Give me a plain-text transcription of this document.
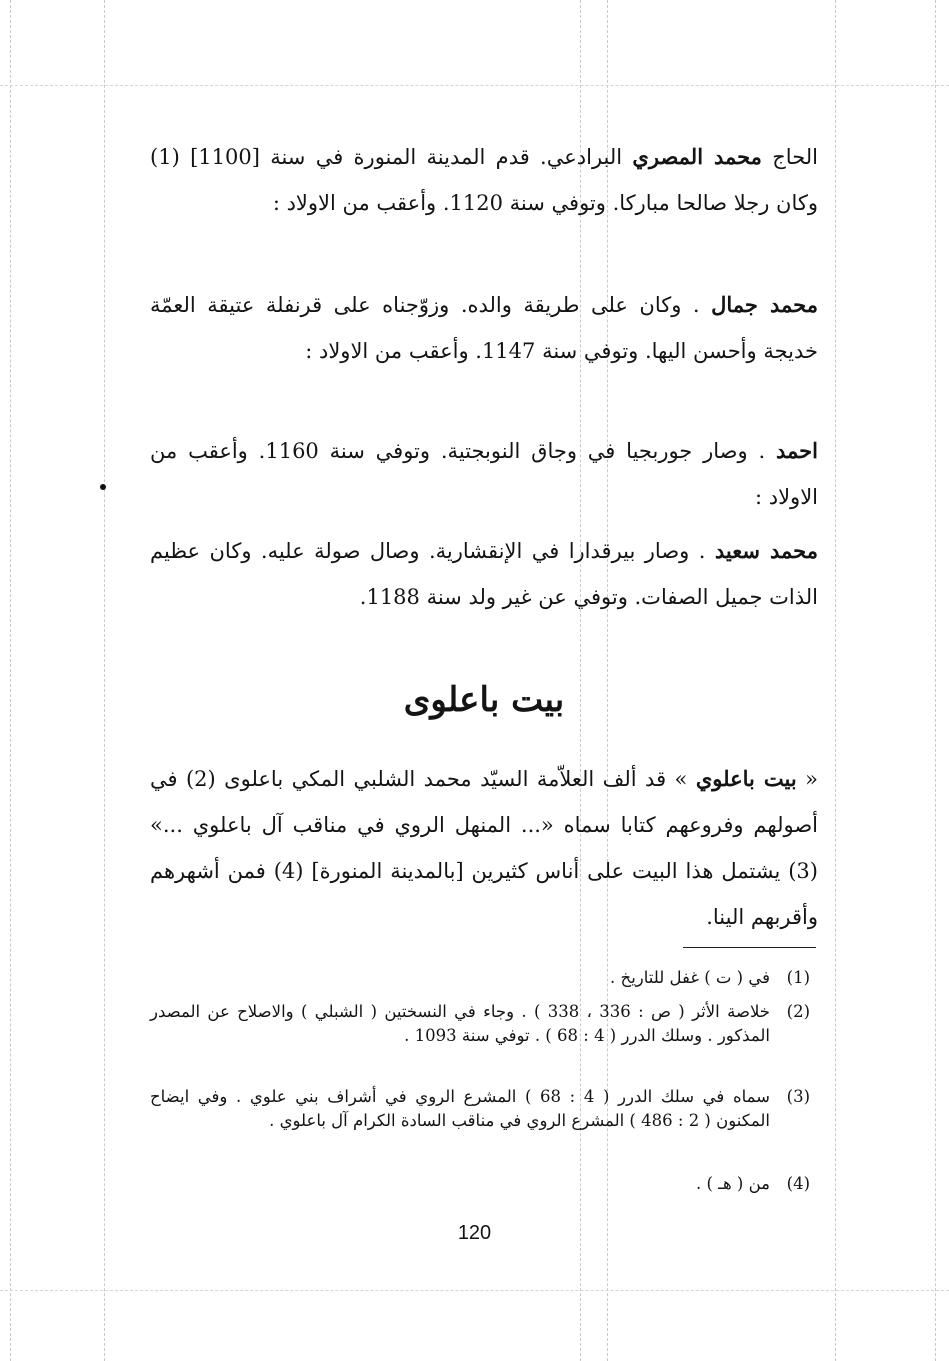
الحاج محمد المصري البرادعي. قدم المدينة المنورة في سنة [1100] (1) وكان رجلا صالحا مباركا. وتوفي سنة 1120. وأعقب من الاولاد :
محمد جمال . وكان على طريقة والده. وزوّجناه على قرنفلة عتيقة العمّة خديجة وأحسن اليها. وتوفي سنة 1147. وأعقب من الاولاد :
احمد . وصار جوربجيا في وجاق النوبجتية. وتوفي سنة 1160. وأعقب من الاولاد :
محمد سعيد . وصار بيرقدارا في الإنقشارية. وصال صولة عليه. وكان عظيم الذات جميل الصفات. وتوفي عن غير ولد سنة 1188.
بيت باعلوى
« بيت باعلوي » قد ألف العلاّمة السيّد محمد الشلبي المكي باعلوى (2) في أصولهم وفروعهم كتابا سماه «... المنهل الروي في مناقب آل باعلوي ...» (3) يشتمل هذا البيت على أناس كثيرين [بالمدينة المنورة] (4) فمن أشهرهم وأقربهم الينا.
(1)
في ( ت ) غفل للتاريخ .
(2)
خلاصة الأثر ( ص : 336 ، 338 ) . وجاء في النسختين ( الشبلي ) والاصلاح عن المصدر المذكور . وسلك الدرر ( 4 : 68 ) . توفي سنة 1093 .
(3)
سماه في سلك الدرر ( 4 : 68 ) المشرع الروي في أشراف بني علوي . وفي ايضاح المكنون ( 2 : 486 ) المشرع الروي في مناقب السادة الكرام آل باعلوي .
(4)
من ( هـ ) .
120
